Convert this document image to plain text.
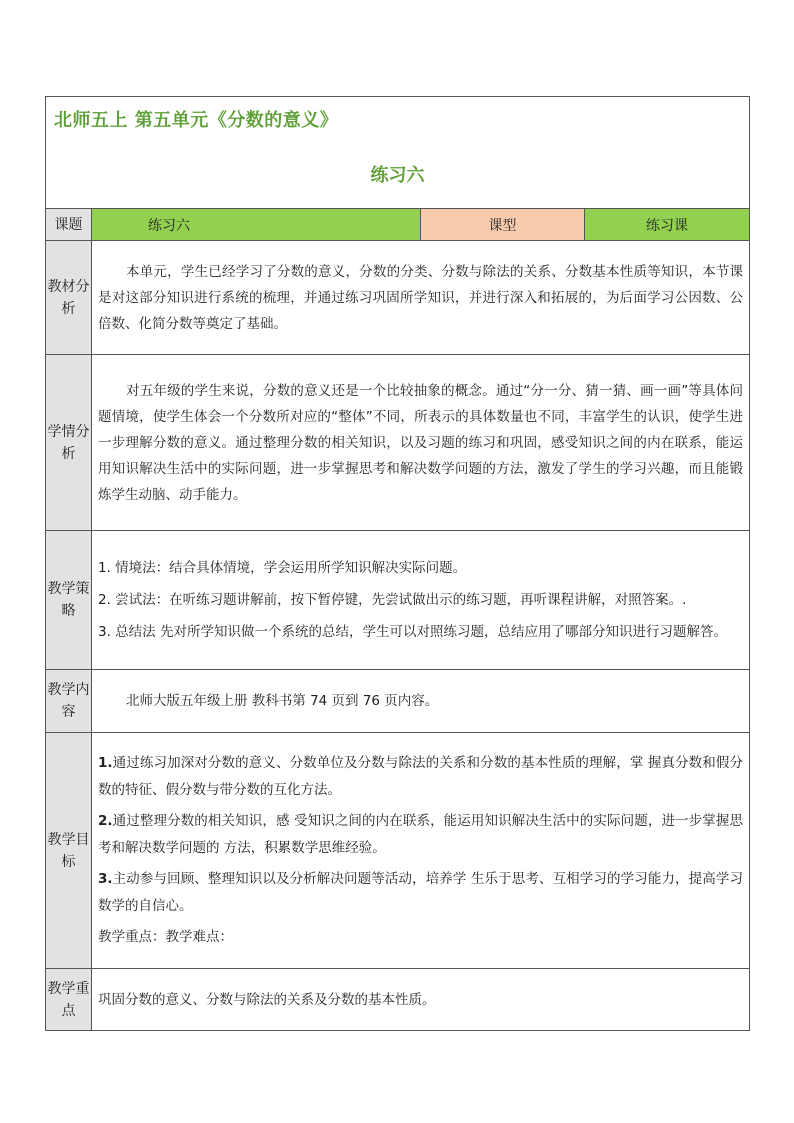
北师五上 第五单元《分数的意义》
练习六			

课题	练习六	课型	练习课
教材分析	本单元，学生已经学习了分数的意义，分数的分类、分数与除法的关系、分数基本性质等知识，本节课是对这部分知识进行系统的梳理，并通过练习巩固所学知识，并进行深入和拓展的，为后面学习公因数、公倍数、化简分数等奠定了基础。		
学情分析	对五年级的学生来说，分数的意义还是一个比较抽象的概念。通过“分一分、猜一猜、画一画”等具体问题情境，使学生体会一个分数所对应的“整体”不同，所表示的具体数量也不同，丰富学生的认识，使学生进一步理解分数的意义。通过整理分数的相关知识，以及习题的练习和巩固，感受知识之间的内在联系，能运用知识解决生活中的实际问题，进一步掌握思考和解决数学问题的方法，激发了学生的学习兴趣，而且能锻炼学生动脑、动手能力。		
教学策略	1. 情境法：结合具体情境，学会运用所学知识解决实际问题。

2. 尝试法：在听练习题讲解前，按下暂停键，先尝试做出示的练习题，再听课程讲解，对照答案。.

3. 总结法 先对所学知识做一个系统的总结，学生可以对照练习题，总结应用了哪部分知识进行习题解答。		

教学内容	北师大版五年级上册 教科书第 74 页到 76 页内容。		
教学目标	1.通过练习加深对分数的意义、分数单位及分数与除法的关系和分数的基本性质的理解，掌 握真分数和假分数的特征、假分数与带分数的互化方法。

2.通过整理分数的相关知识，感 受知识之间的内在联系，能运用知识解决生活中的实际问题，进一步掌握思考和解决数学问题的 方法，积累数学思维经验。

3.主动参与回顾、整理知识以及分析解决问题等活动，培养学 生乐于思考、互相学习的学习能力，提高学习数学的自信心。

教学重点：教学难点：		

教学重点	巩固分数的意义、分数与除法的关系及分数的基本性质。		
